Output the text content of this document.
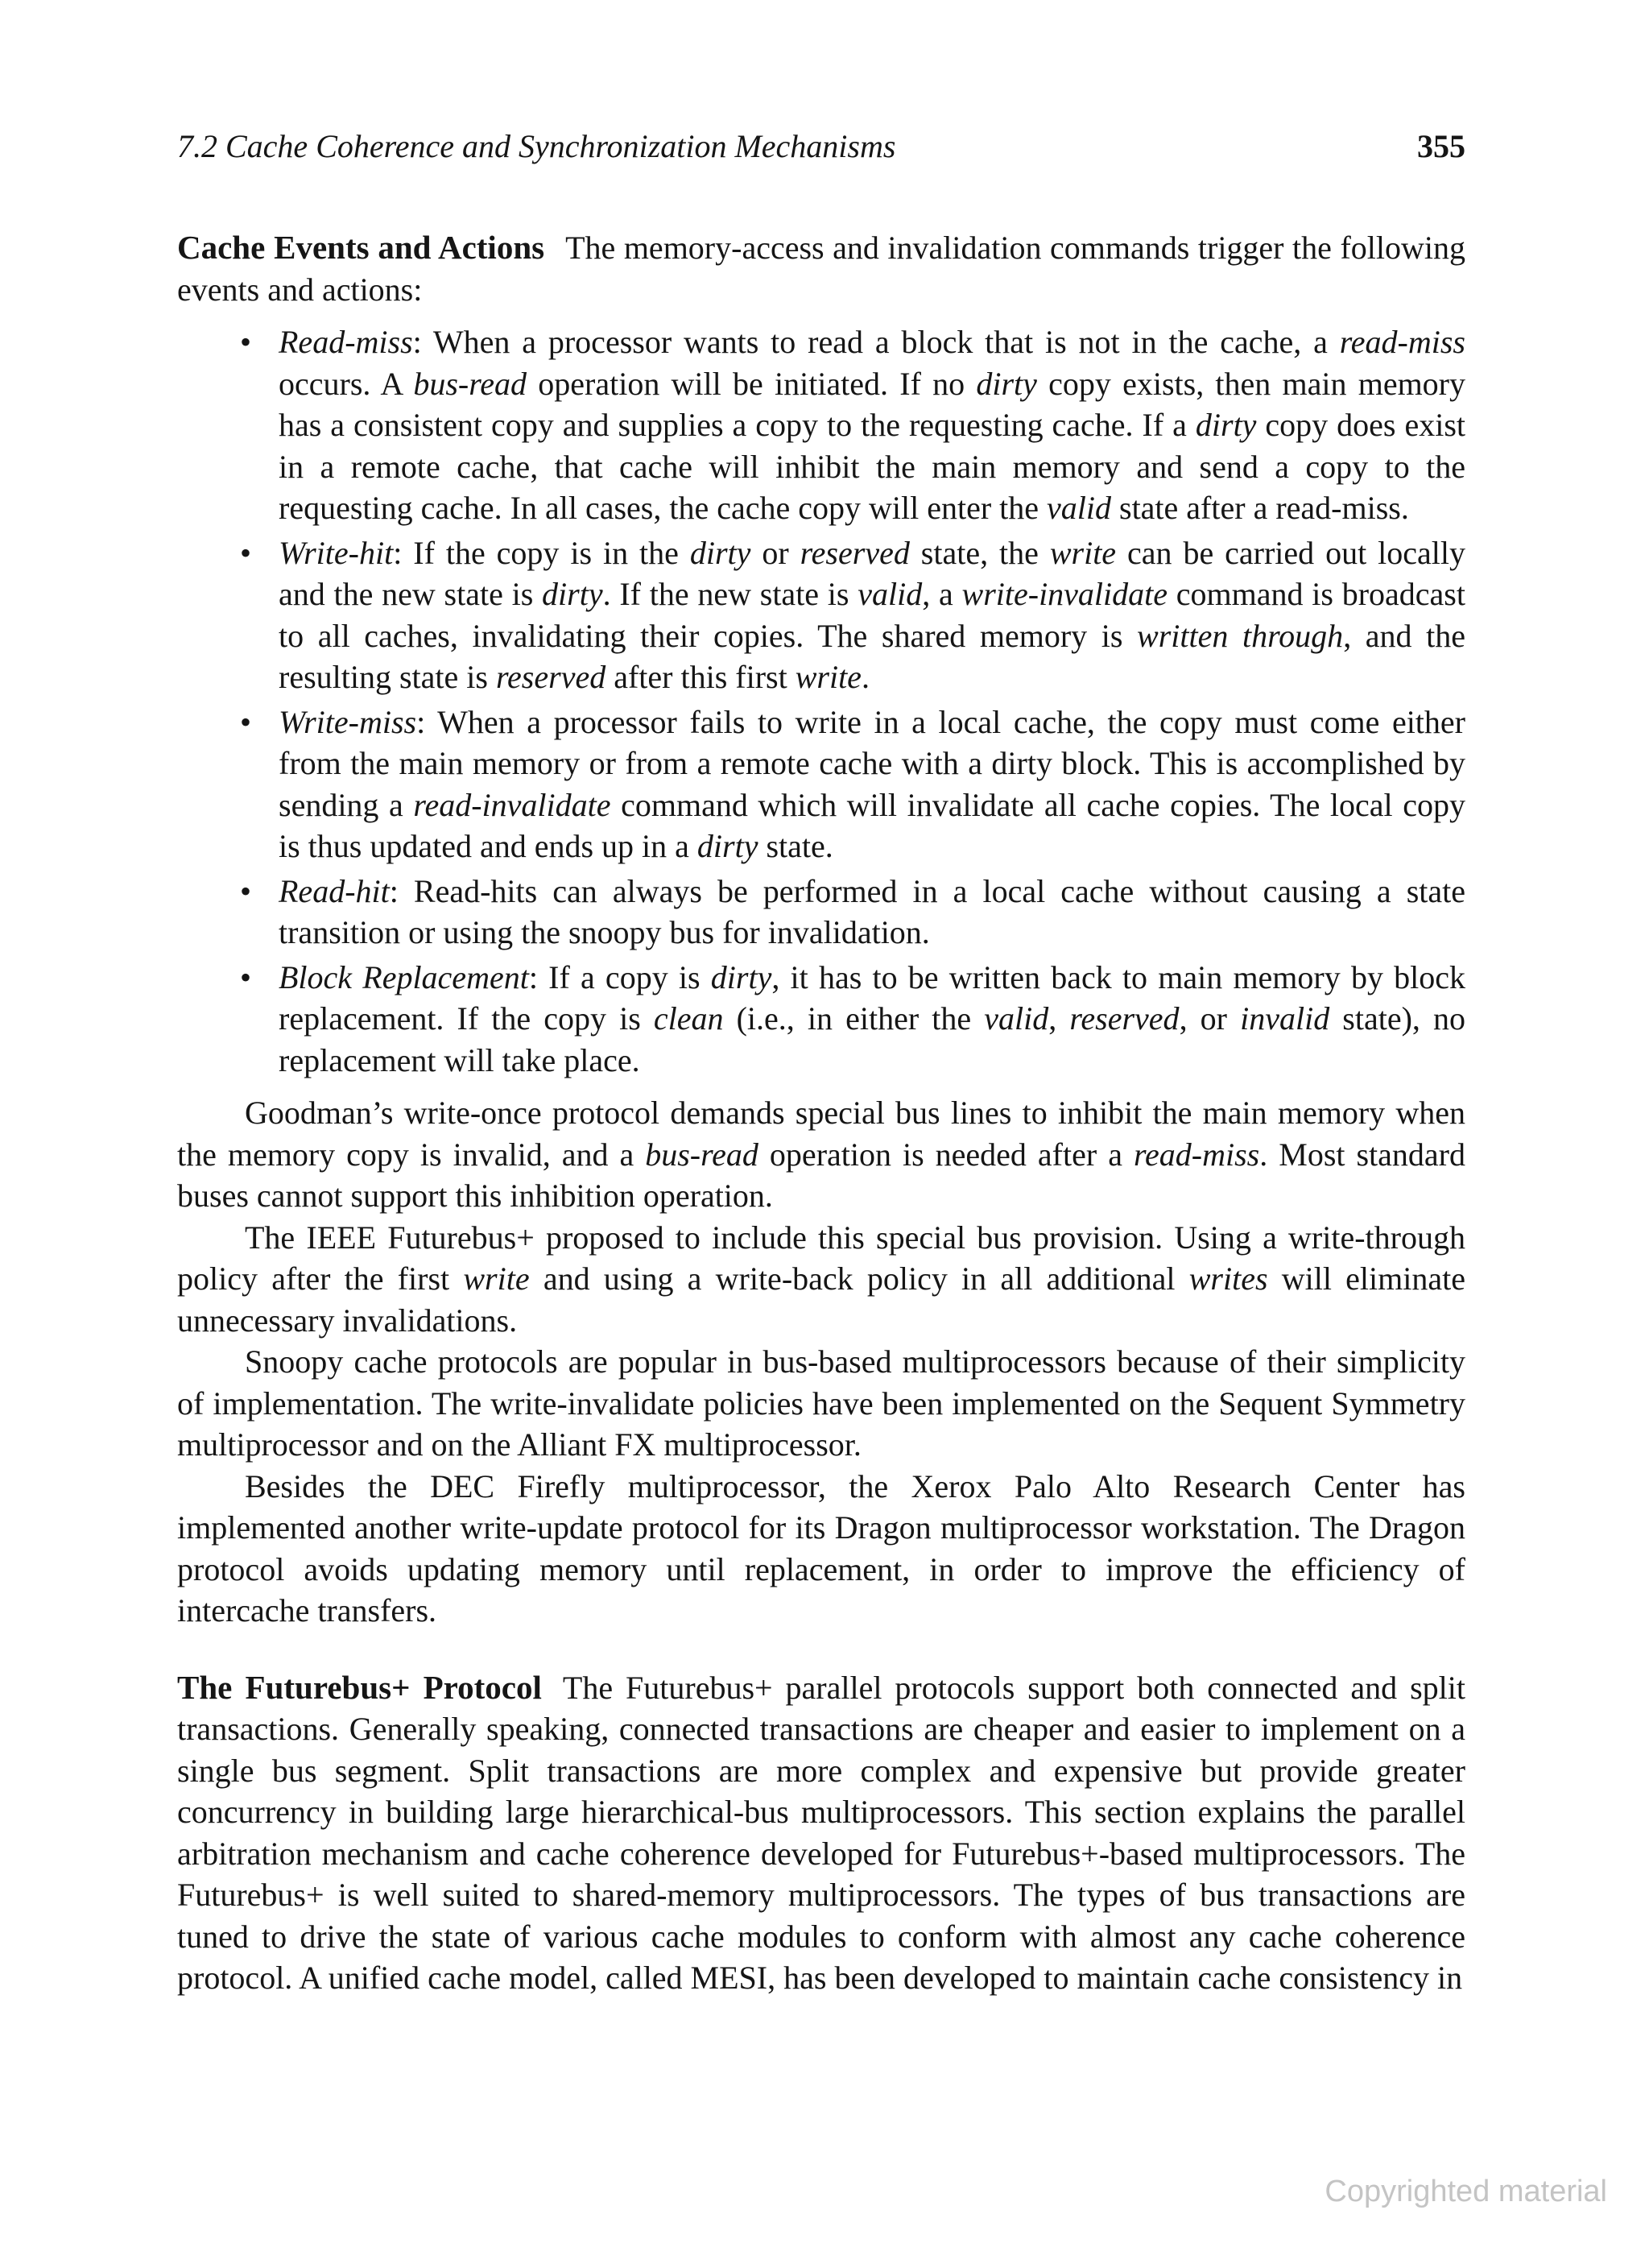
7.2 Cache Coherence and Synchronization Mechanisms	355

Cache Events and Actions The memory-access and invalidation commands trigger the following events and actions:

• Read-miss: When a processor wants to read a block that is not in the cache, a read-miss occurs. A bus-read operation will be initiated. If no dirty copy exists, then main memory has a consistent copy and supplies a copy to the requesting cache. If a dirty copy does exist in a remote cache, that cache will inhibit the main memory and send a copy to the requesting cache. In all cases, the cache copy will enter the valid state after a read-miss.
• Write-hit: If the copy is in the dirty or reserved state, the write can be carried out locally and the new state is dirty. If the new state is valid, a write-invalidate command is broadcast to all caches, invalidating their copies. The shared memory is written through, and the resulting state is reserved after this first write.
• Write-miss: When a processor fails to write in a local cache, the copy must come either from the main memory or from a remote cache with a dirty block. This is accomplished by sending a read-invalidate command which will invalidate all cache copies. The local copy is thus updated and ends up in a dirty state.
• Read-hit: Read-hits can always be performed in a local cache without causing a state transition or using the snoopy bus for invalidation.
• Block Replacement: If a copy is dirty, it has to be written back to main memory by block replacement. If the copy is clean (i.e., in either the valid, reserved, or invalid state), no replacement will take place.

Goodman’s write-once protocol demands special bus lines to inhibit the main memory when the memory copy is invalid, and a bus-read operation is needed after a read-miss. Most standard buses cannot support this inhibition operation.

The IEEE Futurebus+ proposed to include this special bus provision. Using a write-through policy after the first write and using a write-back policy in all additional writes will eliminate unnecessary invalidations.

Snoopy cache protocols are popular in bus-based multiprocessors because of their simplicity of implementation. The write-invalidate policies have been implemented on the Sequent Symmetry multiprocessor and on the Alliant FX multiprocessor.

Besides the DEC Firefly multiprocessor, the Xerox Palo Alto Research Center has implemented another write-update protocol for its Dragon multiprocessor workstation. The Dragon protocol avoids updating memory until replacement, in order to improve the efficiency of intercache transfers.

The Futurebus+ Protocol The Futurebus+ parallel protocols support both connected and split transactions. Generally speaking, connected transactions are cheaper and easier to implement on a single bus segment. Split transactions are more complex and expensive but provide greater concurrency in building large hierarchical-bus multiprocessors. This section explains the parallel arbitration mechanism and cache coherence developed for Futurebus+-based multiprocessors. The Futurebus+ is well suited to shared-memory multiprocessors. The types of bus transactions are tuned to drive the state of various cache modules to conform with almost any cache coherence protocol. A unified cache model, called MESI, has been developed to maintain cache consistency in

Copyrighted material
